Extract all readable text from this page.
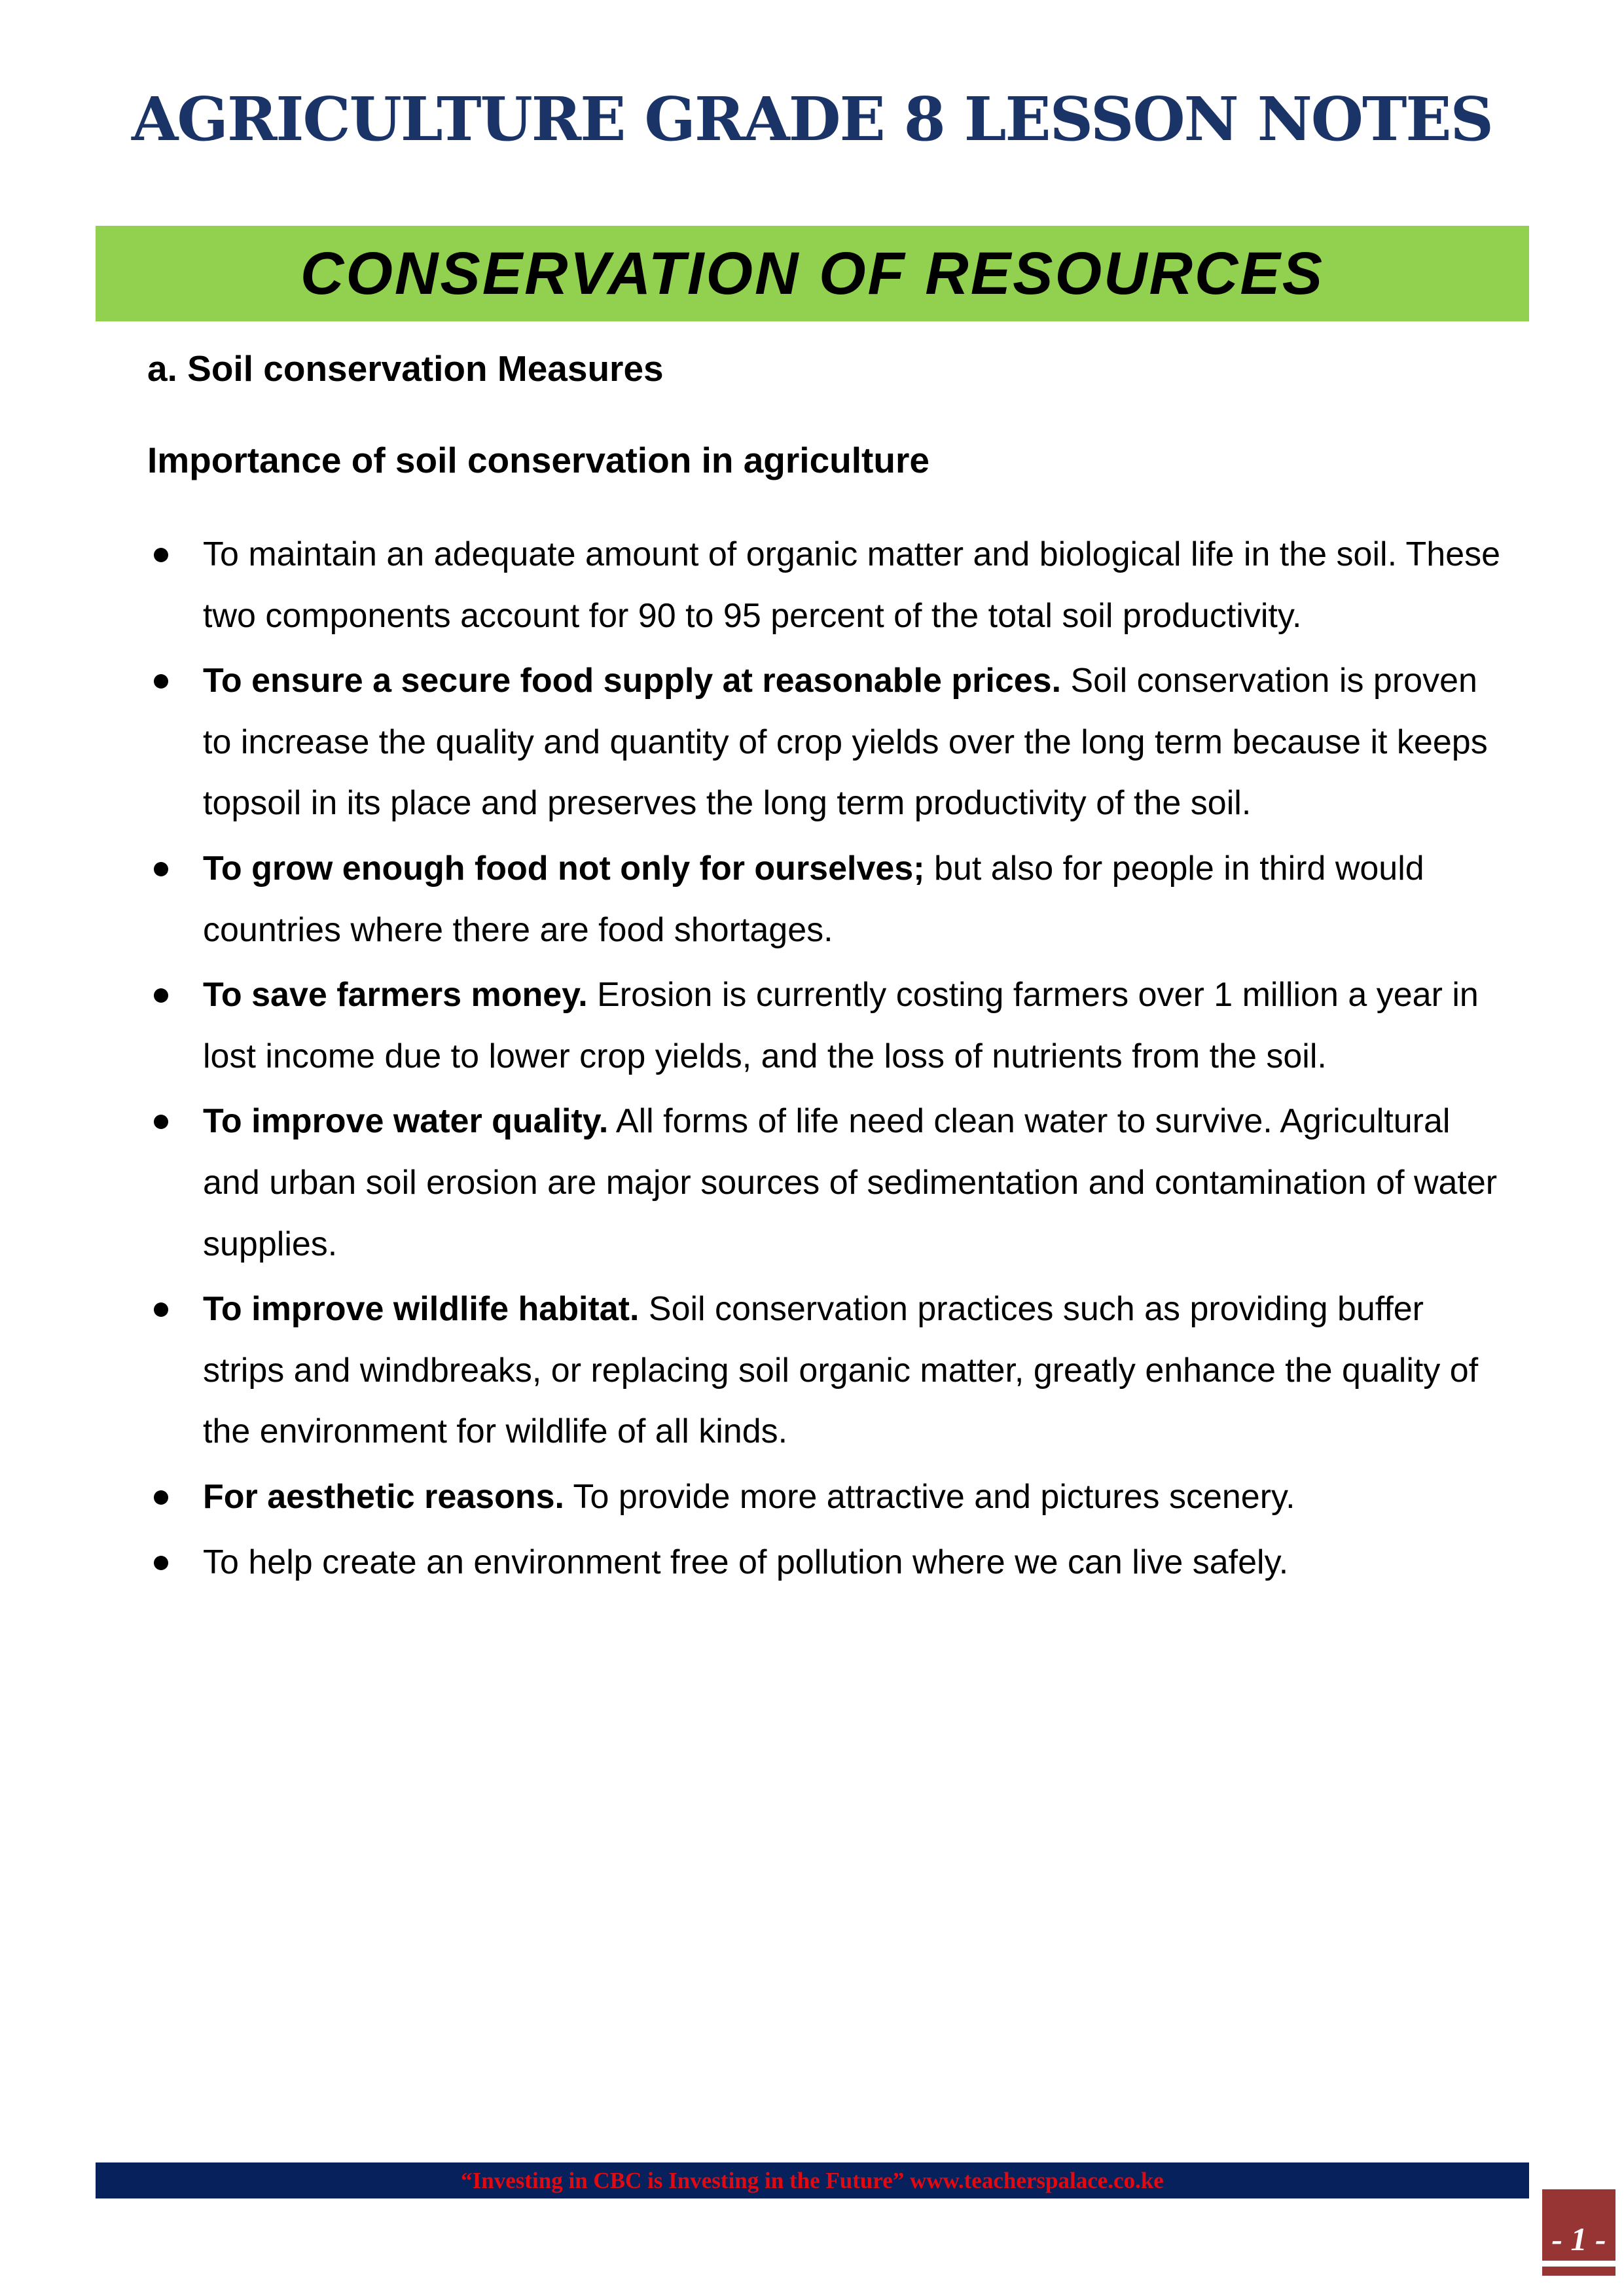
AGRICULTURE GRADE 8 LESSON NOTES
CONSERVATION OF RESOURCES

a. Soil conservation Measures

Importance of soil conservation in agriculture

To maintain an adequate amount of organic matter and biological life in the soil. These two components account for 90 to 95 percent of the total soil productivity.
To ensure a secure food supply at reasonable prices. Soil conservation is proven to increase the quality and quantity of crop yields over the long term because it keeps topsoil in its place and preserves the long term productivity of the soil.
To grow enough food not only for ourselves; but also for people in third would countries where there are food shortages.
To save farmers money. Erosion is currently costing farmers over 1 million a year in lost income due to lower crop yields, and the loss of nutrients from the soil.
To improve water quality. All forms of life need clean water to survive. Agricultural and urban soil erosion are major sources of sedimentation and contamination of water supplies.
To improve wildlife habitat. Soil conservation practices such as providing buffer strips and windbreaks, or replacing soil organic matter, greatly enhance the quality of the environment for wildlife of all kinds.
For aesthetic reasons. To provide more attractive and pictures scenery.
To help create an environment free of pollution where we can live safely.
“Investing in CBC is Investing in the Future” www.teacherspalace.co.ke
- 1 -
